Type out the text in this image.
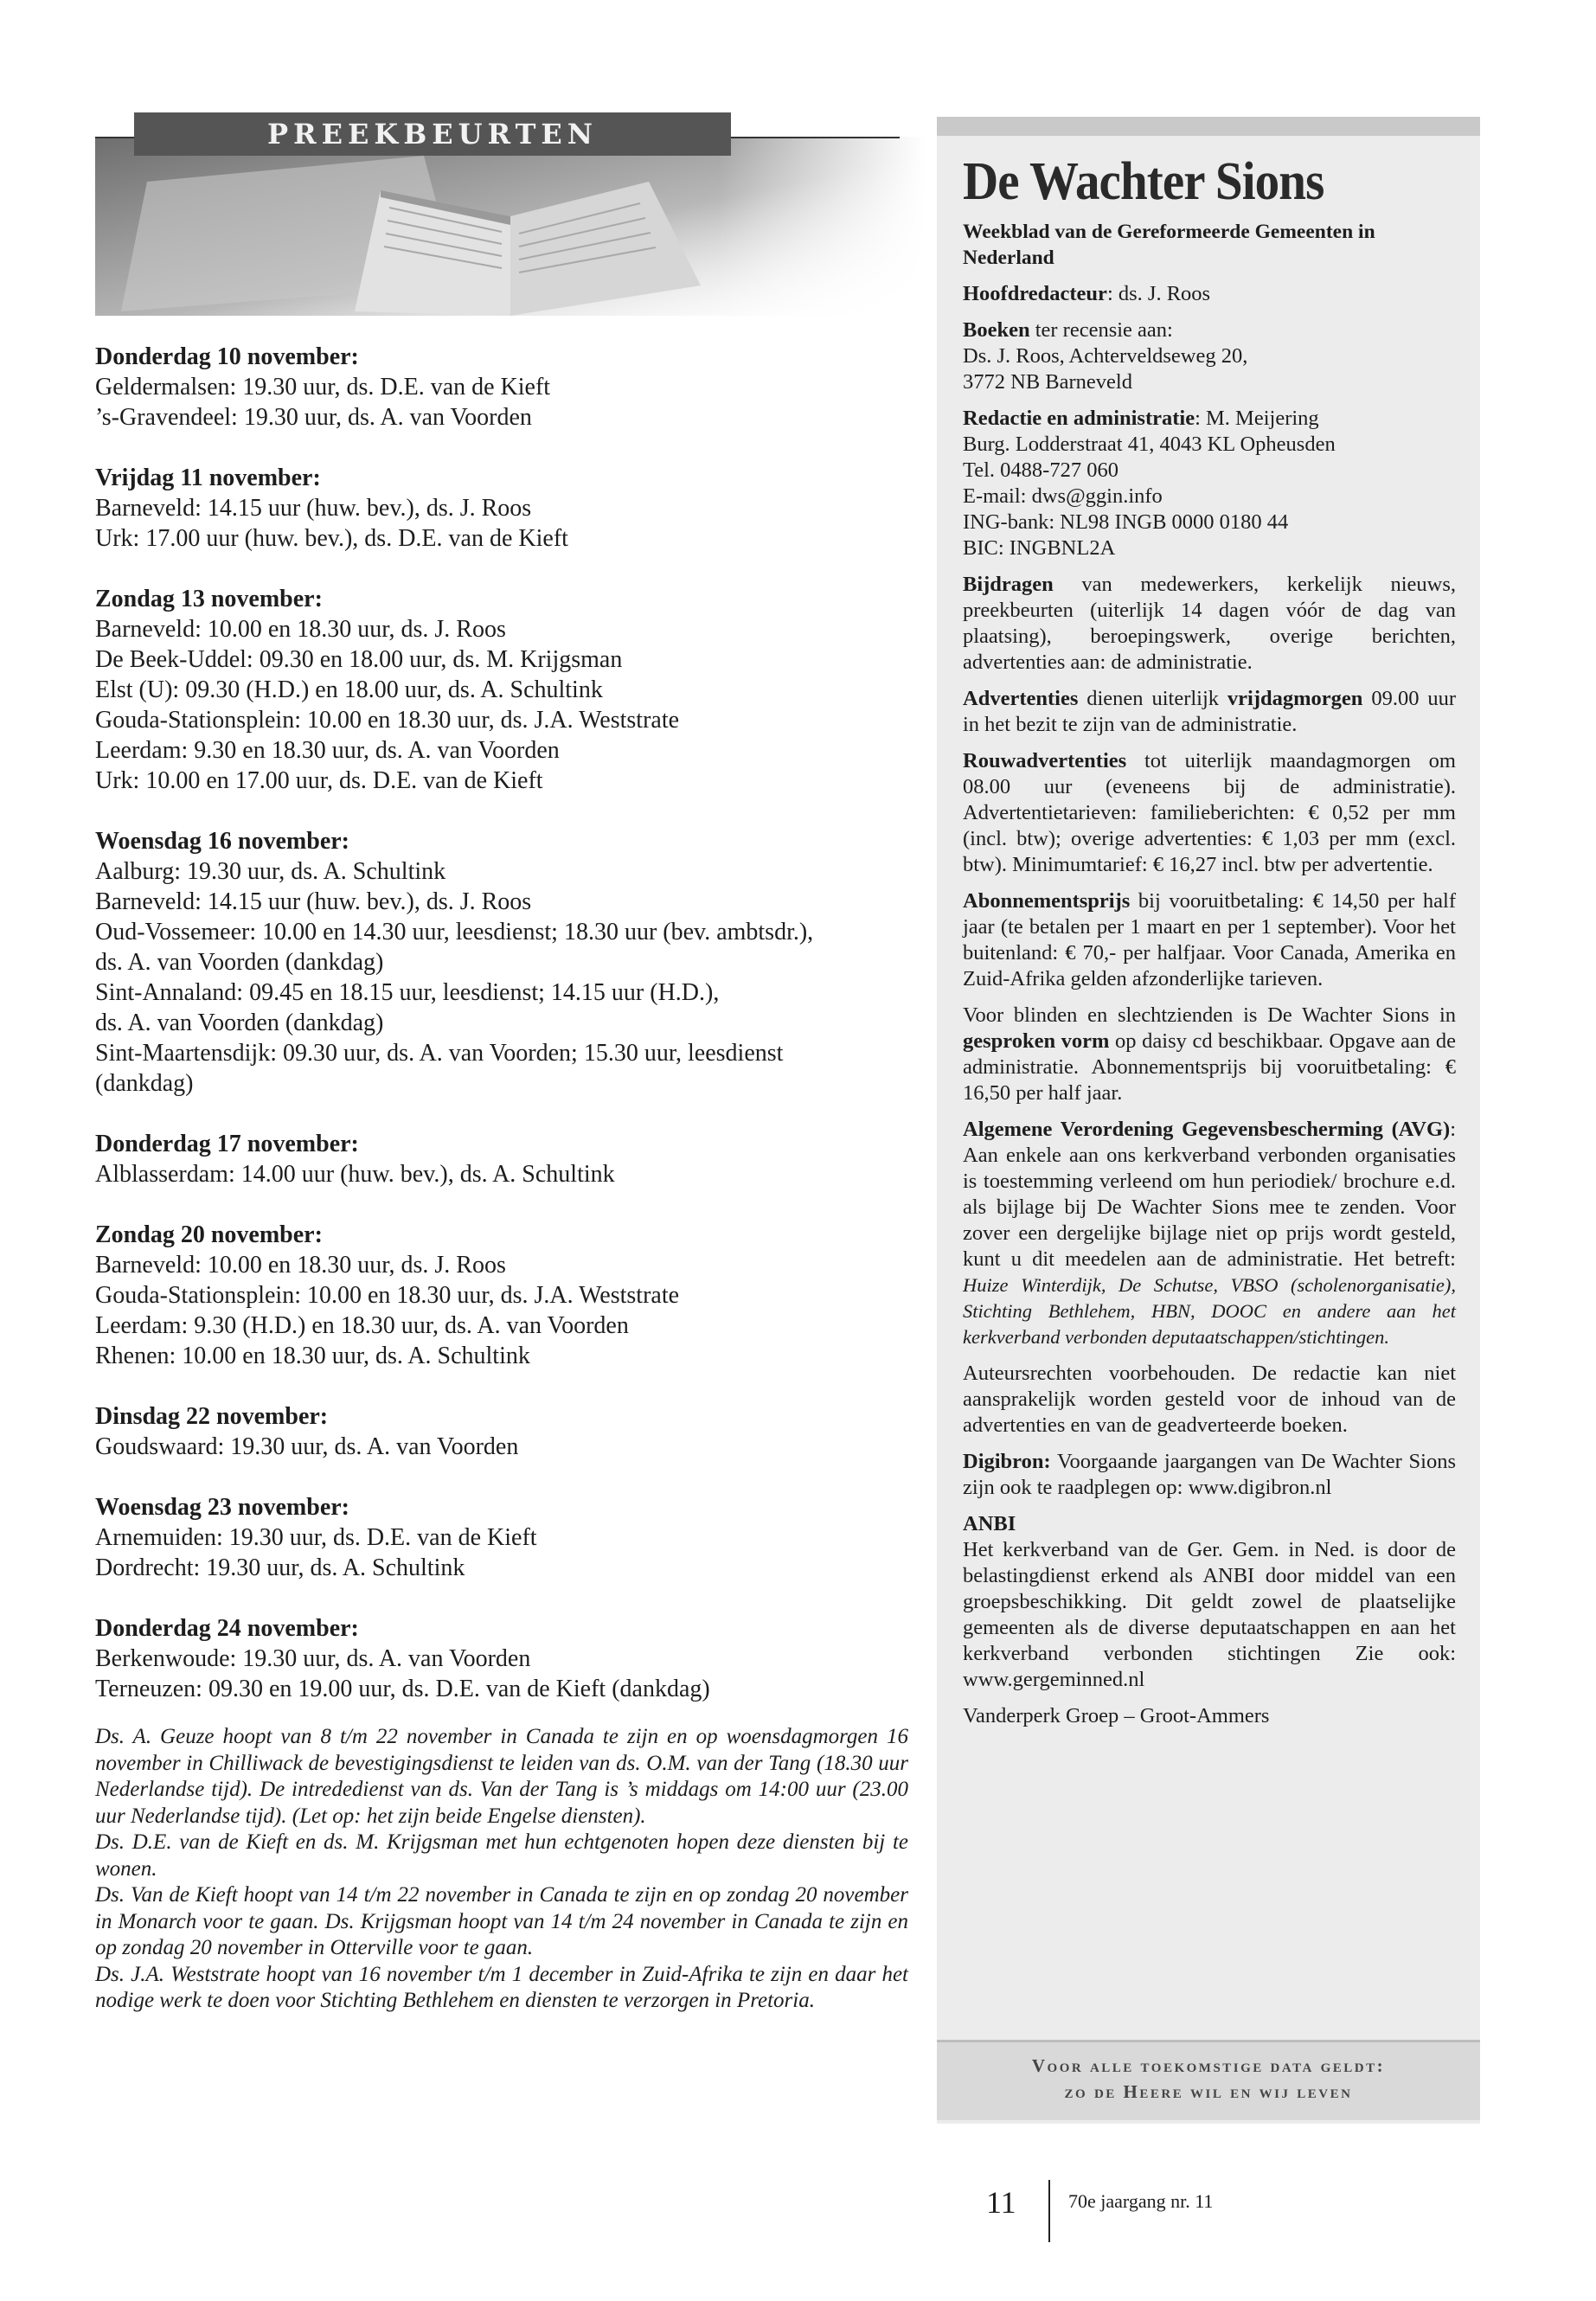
PREEKBEURTEN
Donderdag 10 november:
Geldermalsen: 19.30 uur, ds. D.E. van de Kieft
’s-Gravendeel: 19.30 uur, ds. A. van Voorden
Vrijdag 11 november:
Barneveld: 14.15 uur (huw. bev.), ds. J. Roos
Urk: 17.00 uur (huw. bev.), ds. D.E. van de Kieft
Zondag 13 november:
Barneveld: 10.00 en 18.30 uur, ds. J. Roos
De Beek-Uddel: 09.30 en 18.00 uur, ds. M. Krijgsman
Elst (U): 09.30 (H.D.) en 18.00 uur, ds. A. Schultink
Gouda-Stationsplein: 10.00 en 18.30 uur, ds. J.A. Weststrate
Leerdam: 9.30 en 18.30 uur, ds. A. van Voorden
Urk: 10.00 en 17.00 uur, ds. D.E. van de Kieft
Woensdag 16 november:
Aalburg: 19.30 uur, ds. A. Schultink
Barneveld: 14.15 uur (huw. bev.), ds. J. Roos
Oud-Vossemeer: 10.00 en 14.30 uur, leesdienst; 18.30 uur (bev. ambtsdr.),
ds. A. van Voorden (dankdag)
Sint-Annaland: 09.45 en 18.15 uur, leesdienst; 14.15 uur (H.D.),
ds. A. van Voorden (dankdag)
Sint-Maartensdijk: 09.30 uur, ds. A. van Voorden; 15.30 uur, leesdienst
(dankdag)
Donderdag 17 november:
Alblasserdam: 14.00 uur (huw. bev.), ds. A. Schultink
Zondag 20 november:
Barneveld: 10.00 en 18.30 uur, ds. J. Roos
Gouda-Stationsplein: 10.00 en 18.30 uur, ds. J.A. Weststrate
Leerdam: 9.30 (H.D.) en 18.30 uur, ds. A. van Voorden
Rhenen: 10.00 en 18.30 uur, ds. A. Schultink
Dinsdag 22 november:
Goudswaard: 19.30 uur, ds. A. van Voorden
Woensdag 23 november:
Arnemuiden: 19.30 uur, ds. D.E. van de Kieft
Dordrecht: 19.30 uur, ds. A. Schultink
Donderdag 24 november:
Berkenwoude: 19.30 uur, ds. A. van Voorden
Terneuzen: 09.30 en 19.00 uur, ds. D.E. van de Kieft (dankdag)

Ds. A. Geuze hoopt van 8 t/m 22 november in Canada te zijn en op woensdagmorgen 16 november in Chilliwack de bevestigingsdienst te leiden van ds. O.M. van der Tang (18.30 uur Nederlandse tijd). De intrededienst van ds. Van der Tang is ’s middags om 14:00 uur (23.00 uur Nederlandse tijd). (Let op: het zijn beide Engelse diensten).

Ds. D.E. van de Kieft en ds. M. Krijgsman met hun echtgenoten hopen deze diensten bij te wonen.

Ds. Van de Kieft hoopt van 14 t/m 22 november in Canada te zijn en op zondag 20 november in Monarch voor te gaan. Ds. Krijgsman hoopt van 14 t/m 24 november in Canada te zijn en op zondag 20 november in Otterville voor te gaan.

Ds. J.A. Weststrate hoopt van 16 november t/m 1 december in Zuid-Afrika te zijn en daar het nodige werk te doen voor Stichting Bethlehem en diensten te verzorgen in Pretoria.

De Wachter Sions
Weekblad van de Gereformeerde Gemeenten in Nederland
Hoofdredacteur: ds. J. Roos

Boeken ter recensie aan:

Ds. J. Roos, Achterveldseweg 20,

3772 NB Barneveld

Redactie en administratie: M. Meijering

Burg. Lodderstraat 41, 4043 KL Opheusden

Tel. 0488-727 060

E-mail: dws@ggin.info

ING-bank: NL98 INGB 0000 0180 44

BIC: INGBNL2A

Bijdragen van medewerkers, kerkelijk nieuws, preekbeurten (uiterlijk 14 dagen vóór de dag van plaatsing), beroepingswerk, overige berichten, advertenties aan: de administratie.
Advertenties dienen uiterlijk vrijdagmorgen 09.00 uur in het bezit te zijn van de administratie.
Rouwadvertenties tot uiterlijk maandagmorgen om 08.00 uur (eveneens bij de administratie). Advertentietarieven: familieberichten: € 0,52 per mm (incl. btw); overige advertenties: € 1,03 per mm (excl. btw). Minimumtarief: € 16,27 incl. btw per advertentie.
Abonnementsprijs bij vooruitbetaling: € 14,50 per half jaar (te betalen per 1 maart en per 1 september). Voor het buitenland: € 70,- per halfjaar. Voor Canada, Amerika en Zuid-Afrika gelden afzonderlijke tarieven.
Voor blinden en slechtzienden is De Wachter Sions in gesproken vorm op daisy cd beschikbaar. Opgave aan de administratie. Abonnementsprijs bij vooruitbetaling: € 16,50 per half jaar.
Algemene Verordening Gegevensbescherming (AVG): Aan enkele aan ons kerkverband verbonden organisaties is toestemming verleend om hun periodiek/ brochure e.d. als bijlage bij De Wachter Sions mee te zenden. Voor zover een dergelijke bijlage niet op prijs wordt gesteld, kunt u dit meedelen aan de administratie. Het betreft: Huize Winterdijk, De Schutse, VBSO (scholenorganisatie), Stichting Bethlehem, HBN, DOOC en andere aan het kerkverband verbonden deputaatschappen/stichtingen.
Auteursrechten voorbehouden. De redactie kan niet aansprakelijk worden gesteld voor de inhoud van de advertenties en van de geadverteerde boeken.
Digibron: Voorgaande jaargangen van De Wachter Sions zijn ook te raadplegen op: www.digibron.nl

ANBI

Het kerkverband van de Ger. Gem. in Ned. is door de belastingdienst erkend als ANBI door middel van een groepsbeschikking. Dit geldt zowel de plaatselijke gemeenten als de diverse deputaatschappen en aan het kerkverband verbonden stichtingen Zie ook: www.gergeminned.nl

Vanderperk Groep – Groot-Ammers
Voor alle toekomstige data geldt:
zo de Heere wil en wij leven
11	70e jaargang nr. 11
